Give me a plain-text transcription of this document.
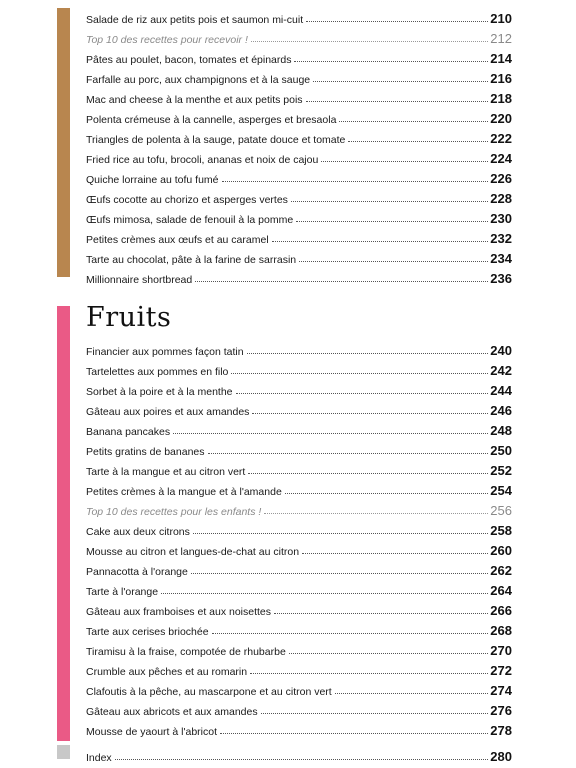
Fruits
Salade de riz aux petits pois et saumon mi-cuit	210
Top 10 des recettes pour recevoir !	212
Pâtes au poulet, bacon, tomates et épinards	214
Farfalle au porc, aux champignons et à la sauge	216
Mac and cheese à la menthe et aux petits pois	218
Polenta crémeuse à la cannelle, asperges et bresaola	220
Triangles de polenta à la sauge, patate douce et tomate	222
Fried rice au tofu, brocoli, ananas et noix de cajou	224
Quiche lorraine au tofu fumé	226
Œufs cocotte au chorizo et asperges vertes	228
Œufs mimosa, salade de fenouil à la pomme	230
Petites crèmes aux œufs et au caramel	232
Tarte au chocolat, pâte à la farine de sarrasin	234
Millionnaire shortbread	236
Financier aux pommes façon tatin	240
Tartelettes aux pommes en filo	242
Sorbet à la poire et à la menthe	244
Gâteau aux poires et aux amandes	246
Banana pancakes	248
Petits gratins de bananes	250
Tarte à la mangue et au citron vert	252
Petites crèmes à la mangue et à l'amande	254
Top 10 des recettes pour les enfants !	256
Cake aux deux citrons	258
Mousse au citron et langues-de-chat au citron	260
Pannacotta à l'orange	262
Tarte à l'orange	264
Gâteau aux framboises et aux noisettes	266
Tarte aux cerises briochée	268
Tiramisu à la fraise, compotée de rhubarbe	270
Crumble aux pêches et au romarin	272
Clafoutis à la pêche, au mascarpone et au citron vert	274
Gâteau aux abricots et aux amandes	276
Mousse de yaourt à l'abricot	278
Index	280
